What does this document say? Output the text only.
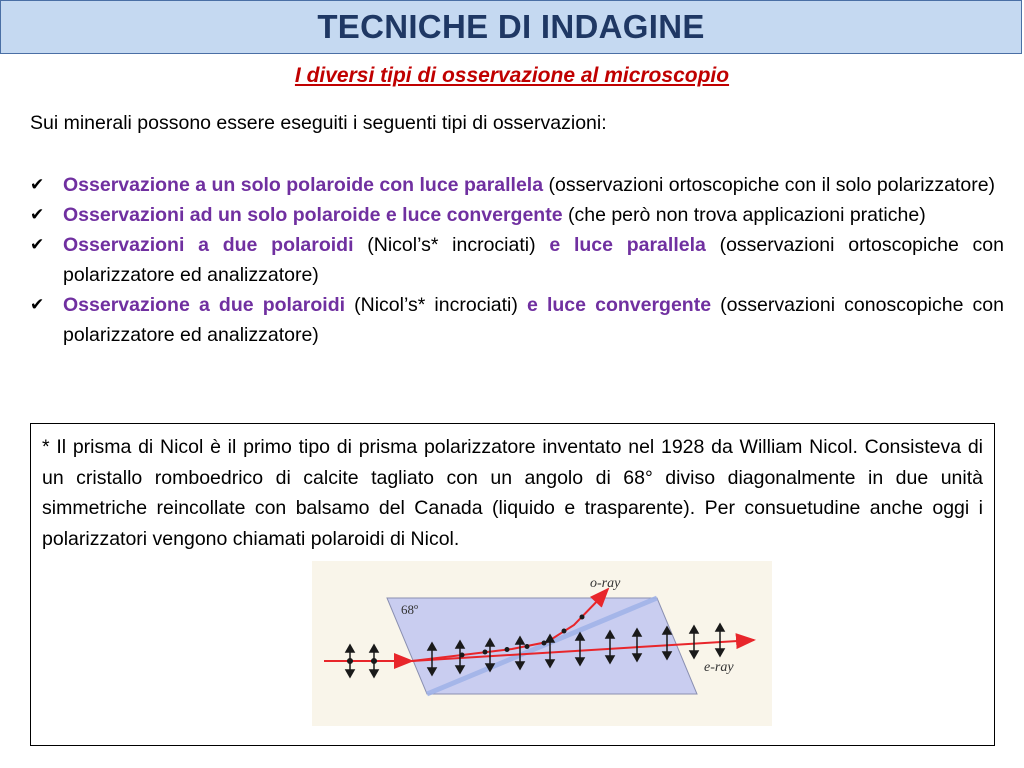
TECNICHE DI INDAGINE
I diversi tipi di osservazione al microscopio
Sui minerali possono essere eseguiti i seguenti tipi di osservazioni:
✔ Osservazione a un solo polaroide con luce parallela (osservazioni ortoscopiche con il solo polarizzatore)
✔ Osservazioni ad un solo polaroide e luce convergente (che però non trova applicazioni pratiche)
✔ Osservazioni a due polaroidi (Nicol’s* incrociati) e luce parallela (osservazioni ortoscopiche con polarizzatore ed analizzatore)
✔ Osservazione a due polaroidi (Nicol’s* incrociati) e luce convergente (osservazioni conoscopiche con polarizzatore ed analizzatore)

* Il prisma di Nicol è il primo tipo di prisma polarizzatore inventato nel 1928 da William Nicol. Consisteva di un cristallo romboedrico di calcite tagliato con un angolo di 68° diviso diagonalmente in due unità simmetriche reincollate con balsamo del Canada (liquido e trasparente). Per consuetudine anche oggi i polarizzatori vengono chiamati polaroidi di Nicol.

68º
o-ray
e-ray
